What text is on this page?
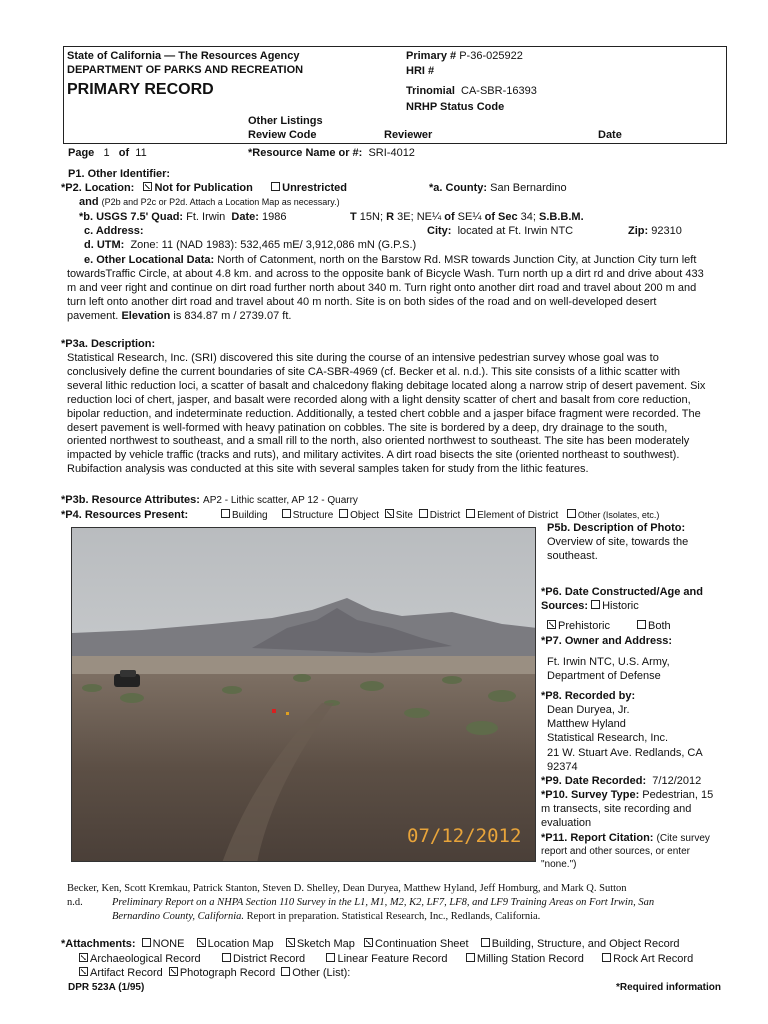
State of California — The Resources Agency
DEPARTMENT OF PARKS AND RECREATION
PRIMARY RECORD
Primary # P-36-025922
HRI #
Trinomial CA-SBR-16393
NRHP Status Code
Other Listings
Review Code	Reviewer	Date
Page 1 of 11	*Resource Name or #: SRI-4012
P1. Other Identifier:
*P2. Location: Not for Publication	Unrestricted	*a. County: San Bernardino
and (P2b and P2c or P2d. Attach a Location Map as necessary.)
*b. USGS 7.5' Quad: Ft. Irwin Date: 1986	T 15N; R 3E; NE¼ of SE¼ of Sec 34; S.B.B.M.
c. Address:	City: located at Ft. Irwin NTC	Zip: 92310
d. UTM: Zone: 11 (NAD 1983): 532,465 mE/ 3,912,086 mN (G.P.S.)
e. Other Locational Data: North of Catonment, north on the Barstow Rd. MSR towards Junction City, at Junction City turn left
towardsTraffic Circle, at about 4.8 km. and across to the opposite bank of Bicycle Wash. Turn north up a dirt rd and drive about 433
m and veer right and continue on dirt road further north about 340 m. Turn right onto another dirt road and travel about 200 m and
turn left onto another dirt road and travel about 40 m north. Site is on both sides of the road and on well-developed desert
pavement. Elevation is 834.87 m / 2739.07 ft.
*P3a. Description:
Statistical Research, Inc. (SRI) discovered this site during the course of an intensive pedestrian survey whose goal was to
conclusively define the current boundaries of site CA-SBR-4969 (cf. Becker et al. n.d.). This site consists of a lithic scatter with
several lithic reduction loci, a scatter of basalt and chalcedony flaking debitage located along a narrow strip of desert pavement. Six
reduction loci of chert, jasper, and basalt were recorded along with a light density scatter of chert and basalt from core reduction,
bipolar reduction, and indeterminate reduction. Additionally, a tested chert cobble and a jasper biface fragment were recorded. The
desert pavement is well-formed with heavy patination on cobbles. The site is bordered by a deep, dry drainage to the south,
oriented northwest to southeast, and a small rill to the north, also oriented northwest to southeast. The site has been moderately
impacted by vehicle traffic (tracks and ruts), and military activites. A dirt road bisects the site (oriented northeast to southwest).
Rubifaction analysis was conducted at this site with several samples taken for study from the lithic features.
*P3b. Resource Attributes: AP2 - Lithic scatter, AP 12 - Quarry
*P4. Resources Present:	Building	Structure Object Site District Element of District Other (Isolates, etc.)
07/12/2012
P5b. Description of Photo:
Overview of site, towards the
southeast.
*P6. Date Constructed/Age and
Sources: Historic
Prehistoric	Both
*P7. Owner and Address:
Ft. Irwin NTC, U.S. Army,
Department of Defense
*P8. Recorded by:
Dean Duryea, Jr.
Matthew Hyland
Statistical Research, Inc.
21 W. Stuart Ave. Redlands, CA
92374
*P9. Date Recorded: 7/12/2012
*P10. Survey Type: Pedestrian, 15
m transects, site recording and
evaluation
*P11. Report Citation: (Cite survey
report and other sources, or enter
"none.")
Becker, Ken, Scott Kremkau, Patrick Stanton, Steven D. Shelley, Dean Duryea, Matthew Hyland, Jeff Homburg, and Mark Q. Sutton
n.d.	Preliminary Report on a NHPA Section 110 Survey in the L1, M1, M2, K2, LF7, LF8, and LF9 Training Areas on Fort Irwin, San
Bernardino County, California. Report in preparation. Statistical Research, Inc., Redlands, California.
*Attachments: NONE Location Map Sketch Map Continuation Sheet Building, Structure, and Object Record
Archaeological Record	District Record	Linear Feature Record	Milling Station Record	Rock Art Record
Artifact Record Photograph Record Other (List):
DPR 523A (1/95)	*Required information
